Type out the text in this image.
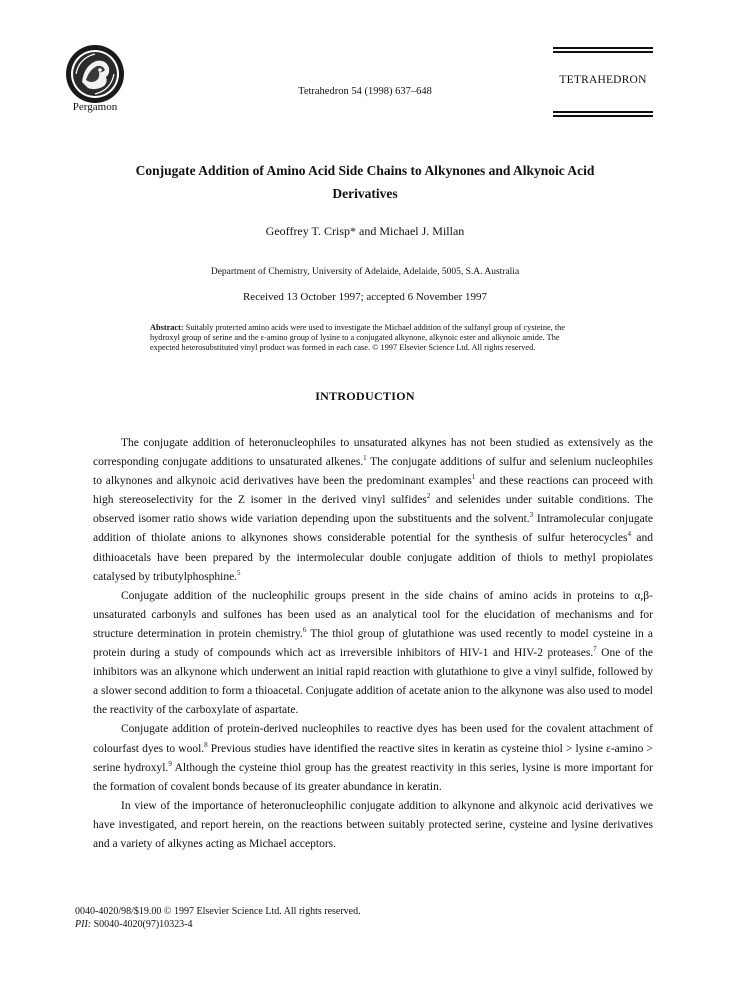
Pergamon
Tetrahedron 54 (1998) 637–648
TETRAHEDRON
Conjugate Addition of Amino Acid Side Chains to Alkynones and Alkynoic Acid Derivatives
Geoffrey T. Crisp* and Michael J. Millan
Department of Chemistry, University of Adelaide, Adelaide, 5005, S.A. Australia
Received 13 October 1997; accepted 6 November 1997
Abstract: Suitably protected amino acids were used to investigate the Michael addition of the sulfanyl group of cysteine, the hydroxyl group of serine and the ε-amino group of lysine to a conjugated alkynone, alkynoic ester and alkynoic amide. The expected heterosubstituted vinyl product was formed in each case. © 1997 Elsevier Science Ltd. All rights reserved.
INTRODUCTION

The conjugate addition of heteronucleophiles to unsaturated alkynes has not been studied as extensively as the corresponding conjugate additions to unsaturated alkenes.$^1$ The conjugate additions of sulfur and selenium nucleophiles to alkynones and alkynoic acid derivatives have been the predominant examples$^1$ and these reactions can proceed with high stereoselectivity for the Z isomer in the derived vinyl sulfides$^2$ and selenides under suitable conditions. The observed isomer ratio shows wide variation depending upon the substituents and the solvent.$^3$ Intramolecular conjugate addition of thiolate anions to alkynones shows considerable potential for the synthesis of sulfur heterocycles$^4$ and dithioacetals have been prepared by the intermolecular double conjugate addition of thiols to methyl propiolates catalysed by tributylphosphine.$^5$

Conjugate addition of the nucleophilic groups present in the side chains of amino acids in proteins to α,β-unsaturated carbonyls and sulfones has been used as an analytical tool for the elucidation of mechanisms and for structure determination in protein chemistry.$^6$ The thiol group of glutathione was used recently to model cysteine in a protein during a study of compounds which act as irreversible inhibitors of HIV-1 and HIV-2 proteases.$^7$ One of the inhibitors was an alkynone which underwent an initial rapid reaction with glutathione to give a vinyl sulfide, followed by a slower second addition to form a thioacetal. Conjugate addition of acetate anion to the alkynone was also used to model the reactivity of the carboxylate of aspartate.

Conjugate addition of protein-derived nucleophiles to reactive dyes has been used for the covalent attachment of colourfast dyes to wool.$^8$ Previous studies have identified the reactive sites in keratin as cysteine thiol > lysine ε-amino > serine hydroxyl.$^9$ Although the cysteine thiol group has the greatest reactivity in this series, lysine is more important for the formation of covalent bonds because of its greater abundance in keratin.

In view of the importance of heteronucleophilic conjugate addition to alkynone and alkynoic acid derivatives we have investigated, and report herein, on the reactions between suitably protected serine, cysteine and lysine derivatives and a variety of alkynes acting as Michael acceptors.

0040-4020/98/$19.00 © 1997 Elsevier Science Ltd. All rights reserved.
PII: S0040-4020(97)10323-4
